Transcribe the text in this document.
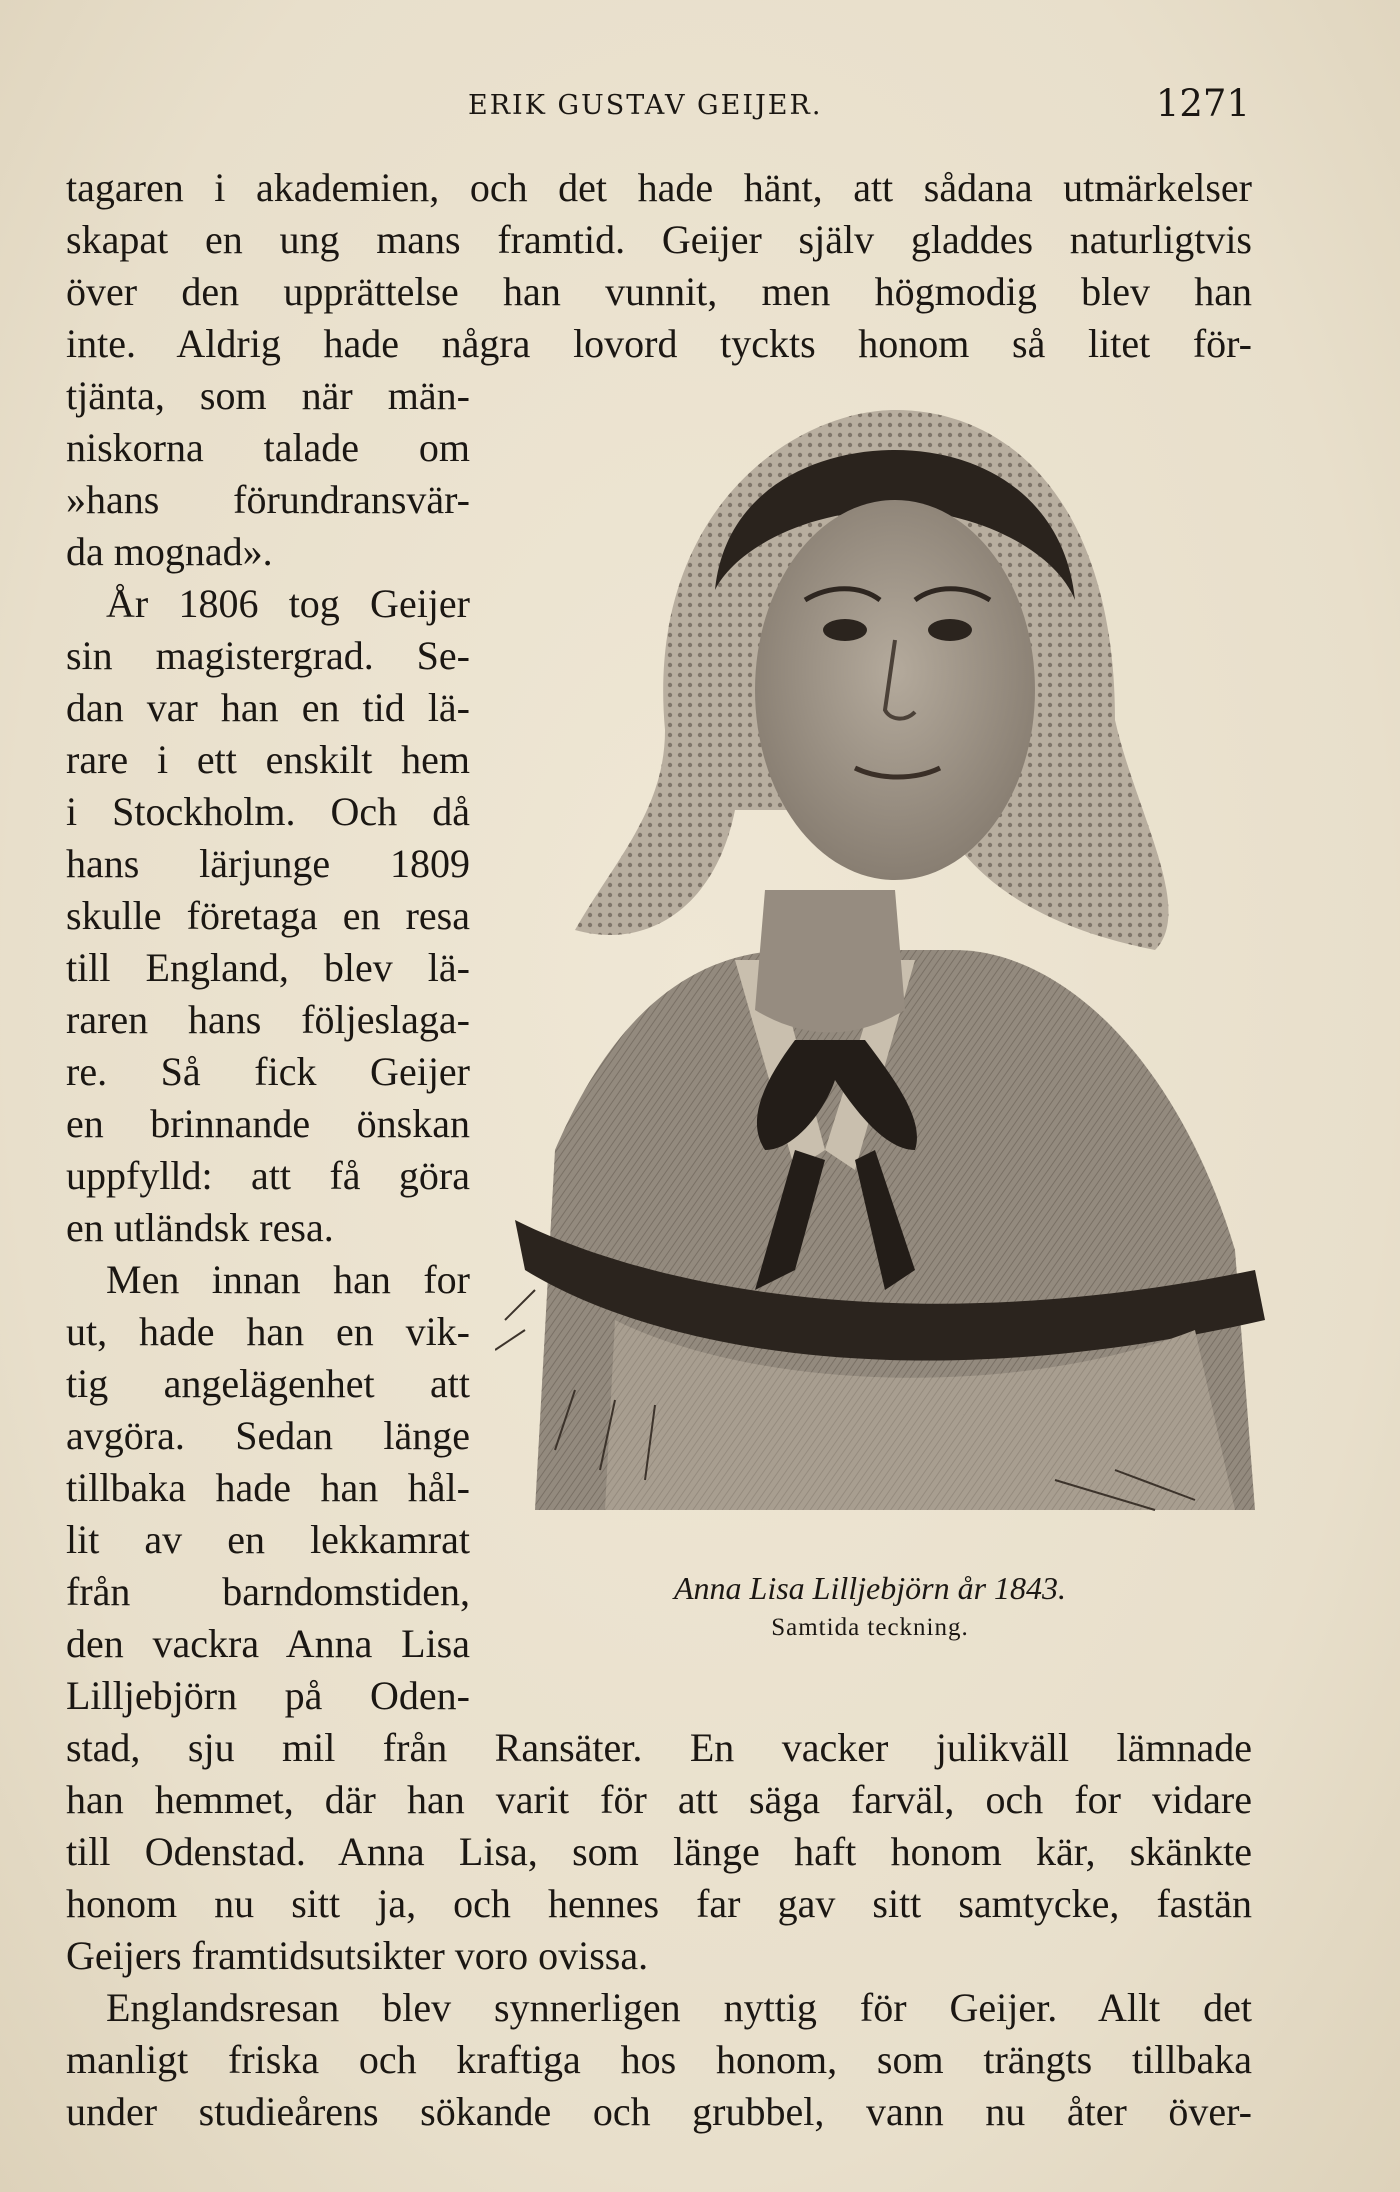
ERIK GUSTAV GEIJER.	1271
tagaren i akademien, och det hade hänt, att sådana utmärkelser
skapat en ung mans framtid. Geijer själv gladdes naturligtvis
över den upprättelse han vunnit, men högmodig blev han
inte. Aldrig hade några lovord tyckts honom så litet för-
tjänta, som när män-
niskorna talade om
»hans förundransvär-
da mognad».
År 1806 tog Geijer
sin magistergrad. Se-
dan var han en tid lä-
rare i ett enskilt hem
i Stockholm. Och då
hans lärjunge 1809
skulle företaga en resa
till England, blev lä-
raren hans följeslaga-
re. Så fick Geijer
en brinnande önskan
uppfylld: att få göra
en utländsk resa.
Men innan han for
ut, hade han en vik-
tig angelägenhet att
avgöra. Sedan länge
tillbaka hade han hål-
lit av en lekkamrat
från barndomstiden,
den vackra Anna Lisa
Lilljebjörn på Oden-
stad, sju mil från Ransäter. En vacker julikväll lämnade
han hemmet, där han varit för att säga farväl, och for vidare
till Odenstad. Anna Lisa, som länge haft honom kär, skänkte
honom nu sitt ja, och hennes far gav sitt samtycke, fastän
Geijers framtidsutsikter voro ovissa.
Englandsresan blev synnerligen nyttig för Geijer. Allt det
manligt friska och kraftiga hos honom, som trängts tillbaka
under studieårens sökande och grubbel, vann nu åter över-
Anna Lisa Lilljebjörn år 1843.
Samtida teckning.
